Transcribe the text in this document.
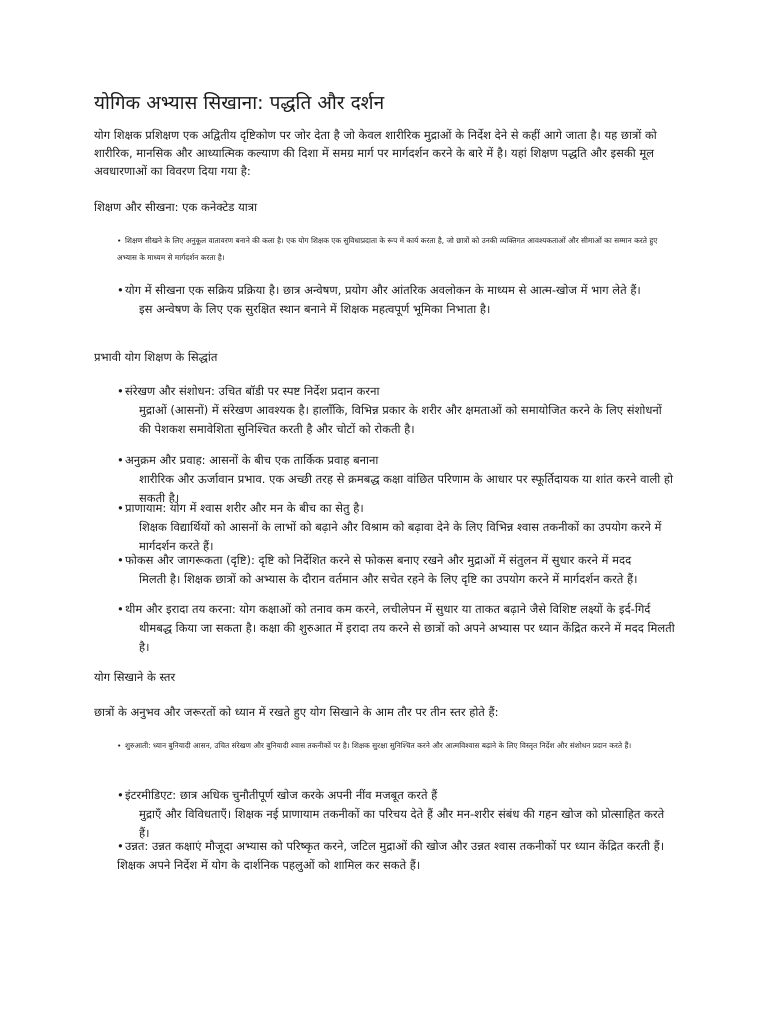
योगिक अभ्यास सिखाना: पद्धति और दर्शन

योग शिक्षक प्रशिक्षण एक अद्वितीय दृष्टिकोण पर जोर देता है जो केवल शारीरिक मुद्राओं के निर्देश देने से कहीं आगे जाता है। यह छात्रों को शारीरिक, मानसिक और आध्यात्मिक कल्याण की दिशा में समग्र मार्ग पर मार्गदर्शन करने के बारे में है। यहां शिक्षण पद्धति और इसकी मूल अवधारणाओं का विवरण दिया गया है:

शिक्षण और सीखना: एक कनेक्टेड यात्रा
• शिक्षण सीखने के लिए अनुकूल वातावरण बनाने की कला है। एक योग शिक्षक एक सुविधाप्रदाता के रूप में कार्य करता है, जो छात्रों को उनकी व्यक्तिगत आवश्यकताओं और सीमाओं का सम्मान करते हुए अभ्यास के माध्यम से मार्गदर्शन करता है।
•योग में सीखना एक सक्रिय प्रक्रिया है। छात्र अन्वेषण, प्रयोग और आंतरिक अवलोकन के माध्यम से आत्म-खोज में भाग लेते हैं।
इस अन्वेषण के लिए एक सुरक्षित स्थान बनाने में शिक्षक महत्वपूर्ण भूमिका निभाता है।
प्रभावी योग शिक्षण के सिद्धांत
•संरेखण और संशोधन: उचित बॉडी पर स्पष्ट निर्देश प्रदान करना
मुद्राओं (आसनों) में संरेखण आवश्यक है। हालाँकि, विभिन्न प्रकार के शरीर और क्षमताओं को समायोजित करने के लिए संशोधनों की पेशकश समावेशिता सुनिश्चित करती है और चोटों को रोकती है।
•अनुक्रम और प्रवाह: आसनों के बीच एक तार्किक प्रवाह बनाना
शारीरिक और ऊर्जावान प्रभाव. एक अच्छी तरह से क्रमबद्ध कक्षा वांछित परिणाम के आधार पर स्फूर्तिदायक या शांत करने वाली हो सकती है।
•प्राणायाम: योग में श्वास शरीर और मन के बीच का सेतु है।
शिक्षक विद्यार्थियों को आसनों के लाभों को बढ़ाने और विश्राम को बढ़ावा देने के लिए विभिन्न श्वास तकनीकों का उपयोग करने में मार्गदर्शन करते हैं।
•फोकस और जागरूकता (दृष्टि): दृष्टि को निर्देशित करने से फोकस बनाए रखने और मुद्राओं में संतुलन में सुधार करने में मदद
मिलती है। शिक्षक छात्रों को अभ्यास के दौरान वर्तमान और सचेत रहने के लिए दृष्टि का उपयोग करने में मार्गदर्शन करते हैं।
•थीम और इरादा तय करना: योग कक्षाओं को तनाव कम करने, लचीलेपन में सुधार या ताकत बढ़ाने जैसे विशिष्ट लक्ष्यों के इर्द-गिर्द
थीमबद्ध किया जा सकता है। कक्षा की शुरुआत में इरादा तय करने से छात्रों को अपने अभ्यास पर ध्यान केंद्रित करने में मदद मिलती है।
योग सिखाने के स्तर
छात्रों के अनुभव और जरूरतों को ध्यान में रखते हुए योग सिखाने के आम तौर पर तीन स्तर होते हैं:
• शुरुआती: ध्यान बुनियादी आसन, उचित संरेखण और बुनियादी श्वास तकनीकों पर है। शिक्षक सुरक्षा सुनिश्चित करने और आत्मविश्वास बढ़ाने के लिए विस्तृत निर्देश और संशोधन प्रदान करते हैं।
•इंटरमीडिएट: छात्र अधिक चुनौतीपूर्ण खोज करके अपनी नींव मजबूत करते हैं
मुद्राएँ और विविधताएँ। शिक्षक नई प्राणायाम तकनीकों का परिचय देते हैं और मन-शरीर संबंध की गहन खोज को प्रोत्साहित करते हैं।
•उन्नत: उन्नत कक्षाएं मौजूदा अभ्यास को परिष्कृत करने, जटिल मुद्राओं की खोज और उन्नत श्वास तकनीकों पर ध्यान केंद्रित करती हैं। शिक्षक अपने निर्देश में योग के दार्शनिक पहलुओं को शामिल कर सकते हैं।
